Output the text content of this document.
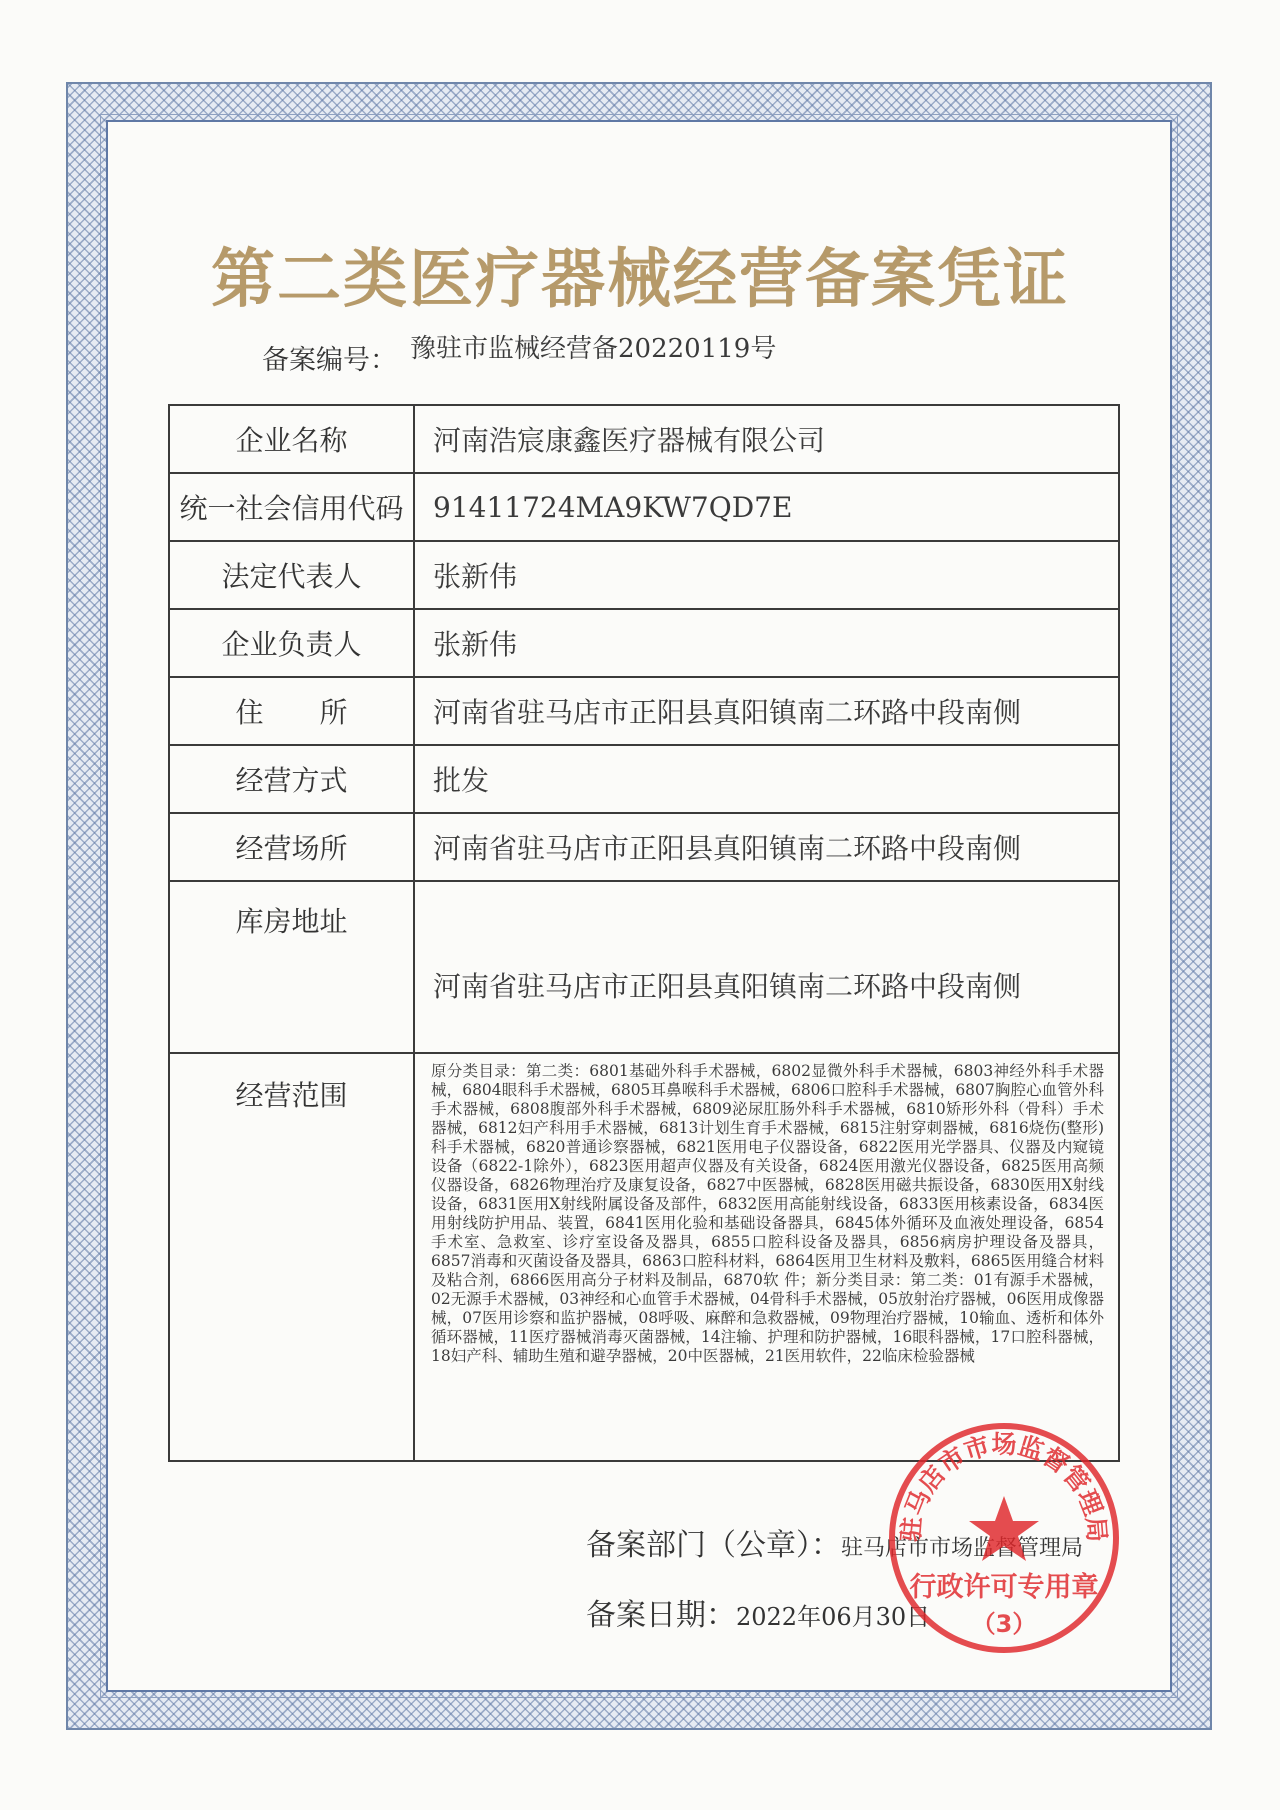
第二类医疗器械经营备案凭证
备案编号： 豫驻市监械经营备20220119号
企业名称	河南浩宸康鑫医疗器械有限公司
统一社会信用代码	91411724MA9KW7QD7E
法定代表人	张新伟
企业负责人	张新伟
住　　所	河南省驻马店市正阳县真阳镇南二环路中段南侧
经营方式	批发
经营场所	河南省驻马店市正阳县真阳镇南二环路中段南侧
库房地址	河南省驻马店市正阳县真阳镇南二环路中段南侧
经营范围	原分类目录：第二类：6801基础外科手术器械，6802显微外科手术器械，6803神经外科手术器械，6804眼科手术器械，6805耳鼻喉科手术器械，6806口腔科手术器械，6807胸腔心血管外科手术器械，6808腹部外科手术器械，6809泌尿肛肠外科手术器械，6810矫形外科（骨科）手术器械，6812妇产科用手术器械，6813计划生育手术器械，6815注射穿刺器械，6816烧伤(整形)科手术器械，6820普通诊察器械，6821医用电子仪器设备，6822医用光学器具、仪器及内窥镜设备（6822-1除外），6823医用超声仪器及有关设备，6824医用激光仪器设备，6825医用高频仪器设备，6826物理治疗及康复设备，6827中医器械，6828医用磁共振设备，6830医用X射线设备，6831医用X射线附属设备及部件，6832医用高能射线设备，6833医用核素设备，6834医用射线防护用品、装置，6841医用化验和基础设备器具，6845体外循环及血液处理设备，6854手术室、急救室、诊疗室设备及器具，6855口腔科设备及器具，6856病房护理设备及器具，6857消毒和灭菌设备及器具，6863口腔科材料，6864医用卫生材料及敷料，6865医用缝合材料及粘合剂，6866医用高分子材料及制品，6870软 件；新分类目录：第二类：01有源手术器械，02无源手术器械，03神经和心血管手术器械，04骨科手术器械，05放射治疗器械，06医用成像器械，07医用诊察和监护器械，08呼吸、麻醉和急救器械，09物理治疗器械，10输血、透析和体外循环器械，11医疗器械消毒灭菌器械，14注输、护理和防护器械，16眼科器械，17口腔科器械，18妇产科、辅助生殖和避孕器械，20中医器械，21医用软件，22临床检验器械
备案部门（公章）：驻马店市市场监督管理局
备案日期：2022年06月30日
驻马店市市场监督管理局
行政许可专用章
（3）
